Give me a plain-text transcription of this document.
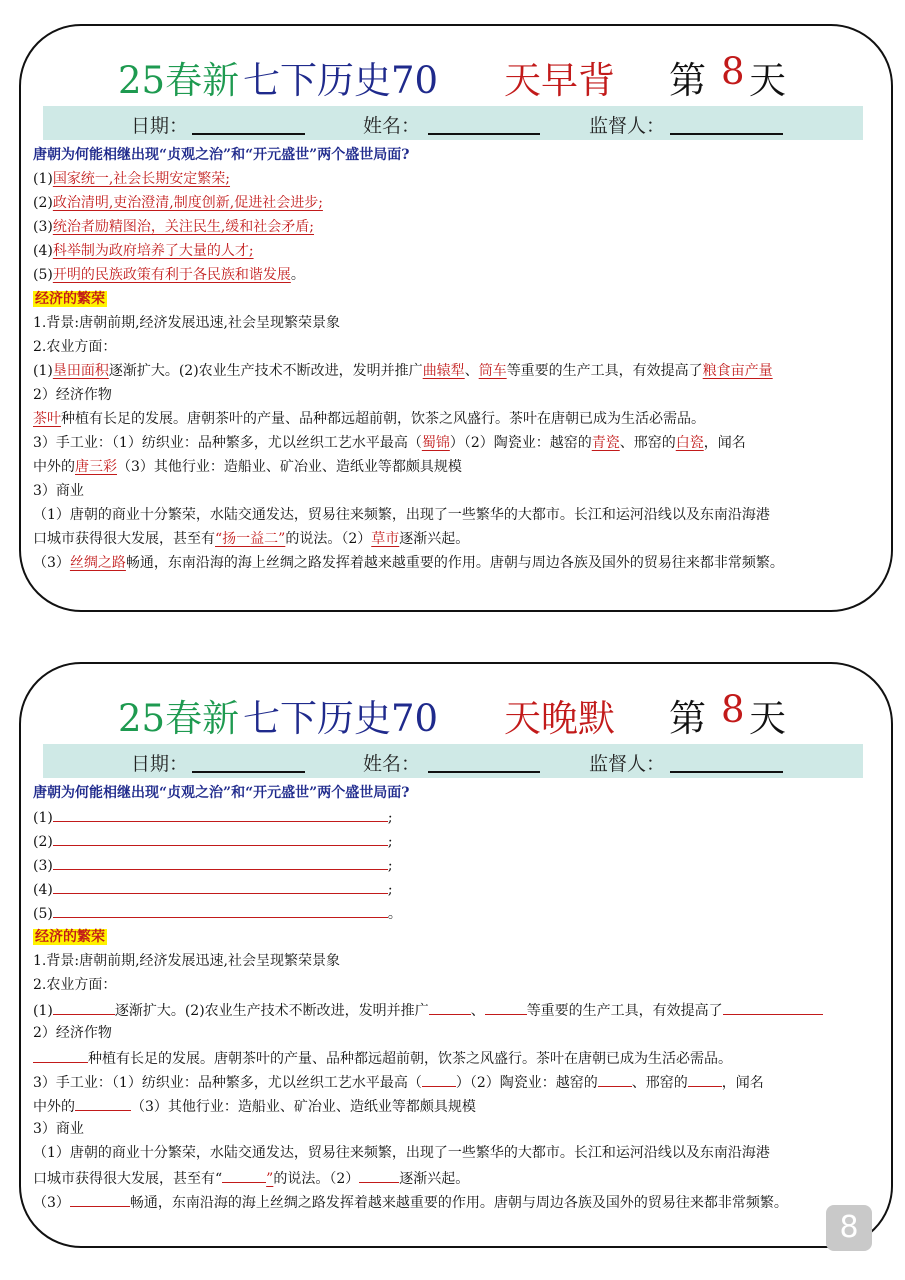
25春新 七下历史70 天早背 第 8 天
日期：	姓名：	监督人：
唐朝为何能相继出现“贞观之治”和“开元盛世”两个盛世局面?
(1)国家统一,社会长期安定繁荣;
(2)政治清明,吏治澄清,制度创新,促进社会进步;
(3)统治者励精图治，关注民生,缓和社会矛盾;
(4)科举制为政府培养了大量的人才;
(5)开明的民族政策有利于各民族和谐发展。
经济的繁荣
1.背景:唐朝前期,经济发展迅速,社会呈现繁荣景象
2.农业方面：
(1)垦田面积逐渐扩大。(2)农业生产技术不断改进，发明并推广曲辕犁、筒车等重要的生产工具，有效提高了粮食亩产量
2）经济作物
茶叶种植有长足的发展。唐朝茶叶的产量、品种都远超前朝，饮茶之风盛行。茶叶在唐朝已成为生活必需品。
3）手工业：（1）纺织业：品种繁多，尤以丝织工艺水平最高（蜀锦）（2）陶瓷业：越窑的青瓷、邢窑的白瓷，闻名
中外的唐三彩（3）其他行业：造船业、矿冶业、造纸业等都颇具规模
3）商业
（1）唐朝的商业十分繁荣，水陆交通发达，贸易往来频繁，出现了一些繁华的大都市。长江和运河沿线以及东南沿海港
口城市获得很大发展，甚至有“扬一益二”的说法。（2）草市逐渐兴起。
（3）丝绸之路畅通，东南沿海的海上丝绸之路发挥着越来越重要的作用。唐朝与周边各族及国外的贸易往来都非常频繁。
25春新 七下历史70 天晚默 第 8 天
日期：	姓名：	监督人：
唐朝为何能相继出现“贞观之治”和“开元盛世”两个盛世局面?
(1)	;
(2)	;
(3)	;
(4)	;
(5)	。
经济的繁荣
1.背景:唐朝前期,经济发展迅速,社会呈现繁荣景象
2.农业方面：
(1)	逐渐扩大。(2)农业生产技术不断改进，发明并推广	、	等重要的生产工具，有效提高了
2）经济作物
种植有长足的发展。唐朝茶叶的产量、品种都远超前朝，饮茶之风盛行。茶叶在唐朝已成为生活必需品。
3）手工业：（1）纺织业：品种繁多，尤以丝织工艺水平最高（ ）（2）陶瓷业：越窑的 、邢窑的 ，闻名
中外的	（3）其他行业：造船业、矿冶业、造纸业等都颇具规模
3）商业
（1）唐朝的商业十分繁荣，水陆交通发达，贸易往来频繁，出现了一些繁华的大都市。长江和运河沿线以及东南沿海港
口城市获得很大发展，甚至有“	”的说法。（2）	逐渐兴起。
（3）	畅通，东南沿海的海上丝绸之路发挥着越来越重要的作用。唐朝与周边各族及国外的贸易往来都非常频繁。
8
